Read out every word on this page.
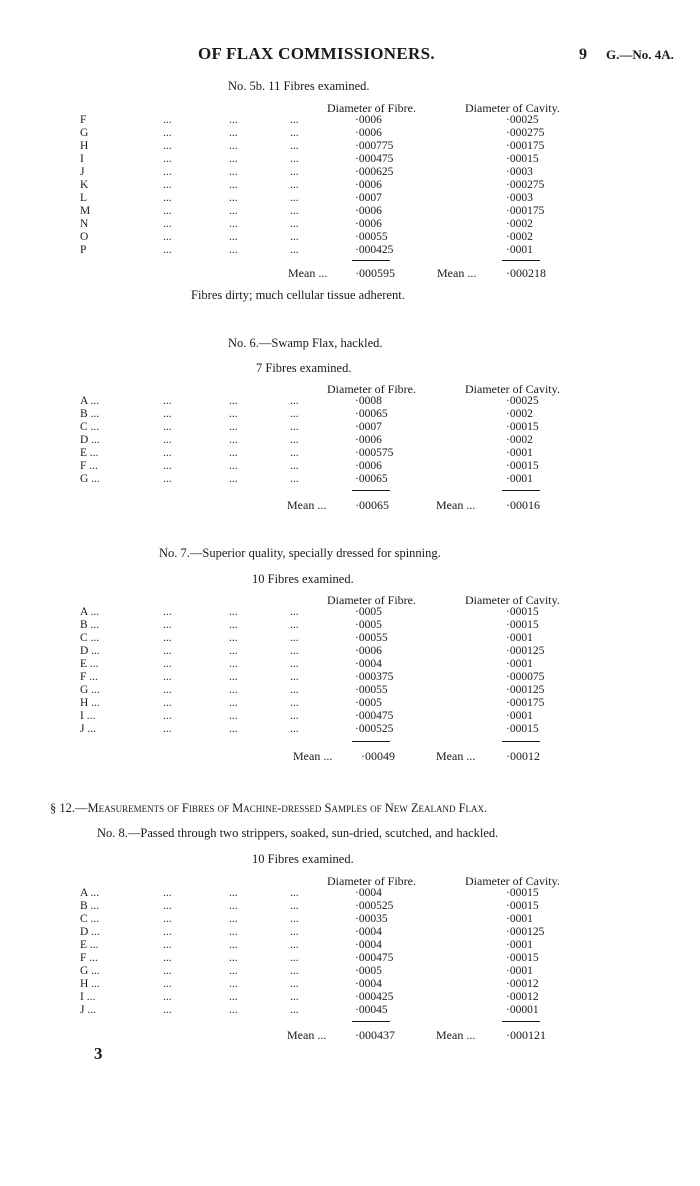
OF FLAX COMMISSIONERS.	9 G.—No. 4A.
No. 5b. 11 Fibres examined.
Diameter of Fibre.	Diameter of Cavity.
F	...	...	...	·0006	·00025
G	...	...	...	·0006	·000275
H	...	...	...	·000775	·000175
I	...	...	...	·000475	·00015
J	...	...	...	·000625	·0003
K	...	...	...	·0006	·000275
L	...	...	...	·0007	·0003
M	...	...	...	·0006	·000175
N	...	...	...	·0006	·0002
O	...	...	...	·00055	·0002
P	...	...	...	·000425	·0001
Mean ... ·000595	Mean ... ·000218
Fibres dirty; much cellular tissue adherent.
No. 6.—Swamp Flax, hackled.
7 Fibres examined.
Diameter of Fibre.	Diameter of Cavity.
A ...	...	...	...	·0008	·00025
B ...	...	...	...	·00065	·0002
C ...	...	...	...	·0007	·00015
D ...	...	...	...	·0006	·0002
E ...	...	...	...	·000575	·0001
F ...	...	...	...	·0006	·00015
G ...	...	...	...	·00065	·0001
Mean ... ·00065	Mean ...	·00016
No. 7.—Superior quality, specially dressed for spinning.
10 Fibres examined.
Diameter of Fibre.	Diameter of Cavity.
A ...	...	...	...	·0005	·00015
B ...	...	...	...	·0005	·00015
C ...	...	...	...	·00055	·0001
D ...	...	...	...	·0006	·000125
E ...	...	...	...	·0004	·0001
F ...	...	...	...	·000375	·000075
G ...	...	...	...	·00055	·000125
H ...	...	...	...	·0005	·000175
I ...	...	...	...	·000475	·0001
J ...	...	...	...	·000525	·00015
Mean ... ·00049	Mean ...	·00012
§ 12.—Measurements of Fibres of Machine-dressed Samples of New Zealand Flax.
No. 8.—Passed through two strippers, soaked, sun-dried, scutched, and hackled.
10 Fibres examined.
Diameter of Fibre.	Diameter of Cavity.
A ...	...	...	...	·0004	·00015
B ...	...	...	...	·000525	·00015
C ...	...	...	...	·00035	·0001
D ...	...	...	...	·0004	·000125
E ...	...	...	...	·0004	·0001
F ...	...	...	...	·000475	·00015
G ...	...	...	...	·0005	·0001
H ...	...	...	...	·0004	·00012
I ...	...	...	...	·000425	·00012
J ...	...	...	...	·00045	·00001
Mean ... ·000437	Mean ...	·000121
3
